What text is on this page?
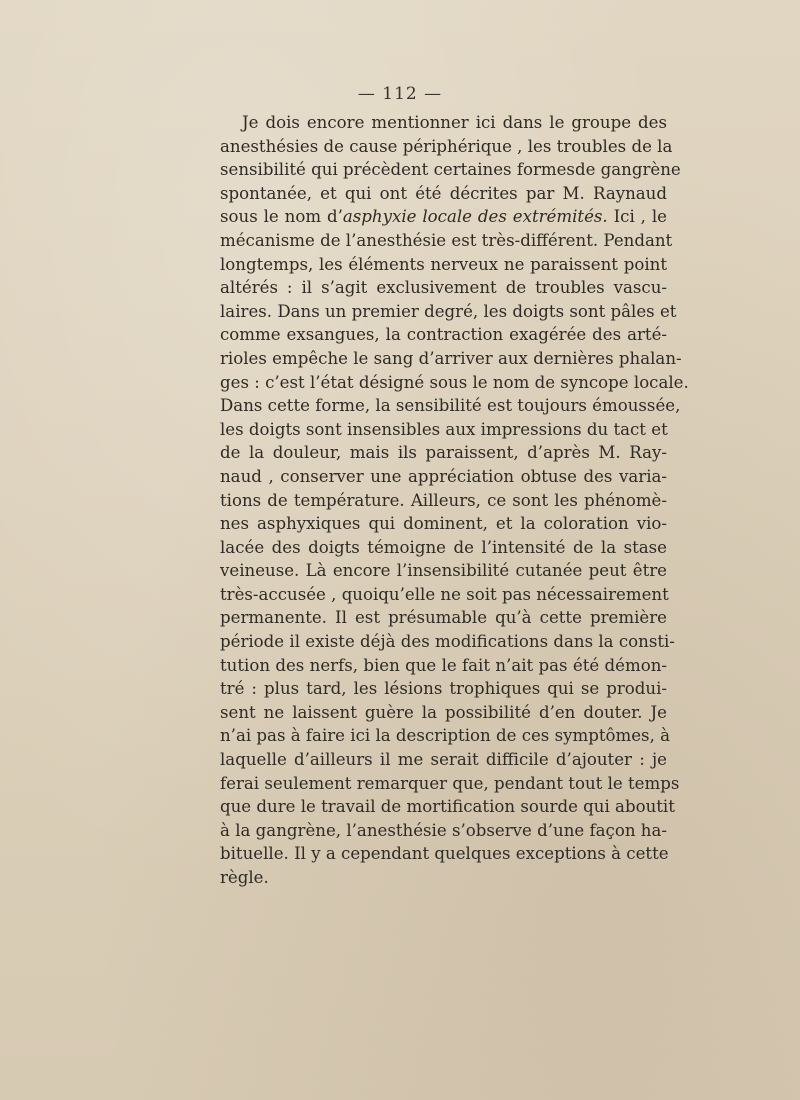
— 112 —
Je dois encore mentionner ici dans le groupe des
anesthésies de cause périphérique , les troubles de la
sensibilité qui précèdent certaines formesde gangrène
spontanée, et qui ont été décrites par M. Raynaud
sous le nom d’asphyxie locale des extrémités. Ici , le
mécanisme de l’anesthésie est très-différent. Pendant
longtemps, les éléments nerveux ne paraissent point
altérés : il s’agit exclusivement de troubles vascu-
laires. Dans un premier degré, les doigts sont pâles et
comme exsangues, la contraction exagérée des arté-
rioles empêche le sang d’arriver aux dernières phalan-
ges : c’est l’état désigné sous le nom de syncope locale.
Dans cette forme, la sensibilité est toujours émoussée,
les doigts sont insensibles aux impressions du tact et
de la douleur, mais ils paraissent, d’après M. Ray-
naud , conserver une appréciation obtuse des varia-
tions de température. Ailleurs, ce sont les phénomè-
nes asphyxiques qui dominent, et la coloration vio-
lacée des doigts témoigne de l’intensité de la stase
veineuse. Là encore l’insensibilité cutanée peut être
très-accusée , quoiqu’elle ne soit pas nécessairement
permanente. Il est présumable qu’à cette première
période il existe déjà des modifications dans la consti-
tution des nerfs, bien que le fait n’ait pas été démon-
tré : plus tard, les lésions trophiques qui se produi-
sent ne laissent guère la possibilité d’en douter. Je
n’ai pas à faire ici la description de ces symptômes, à
laquelle d’ailleurs il me serait difficile d’ajouter : je
ferai seulement remarquer que, pendant tout le temps
que dure le travail de mortification sourde qui aboutit
à la gangrène, l’anesthésie s’observe d’une façon ha-
bituelle. Il y a cependant quelques exceptions à cette
règle.
